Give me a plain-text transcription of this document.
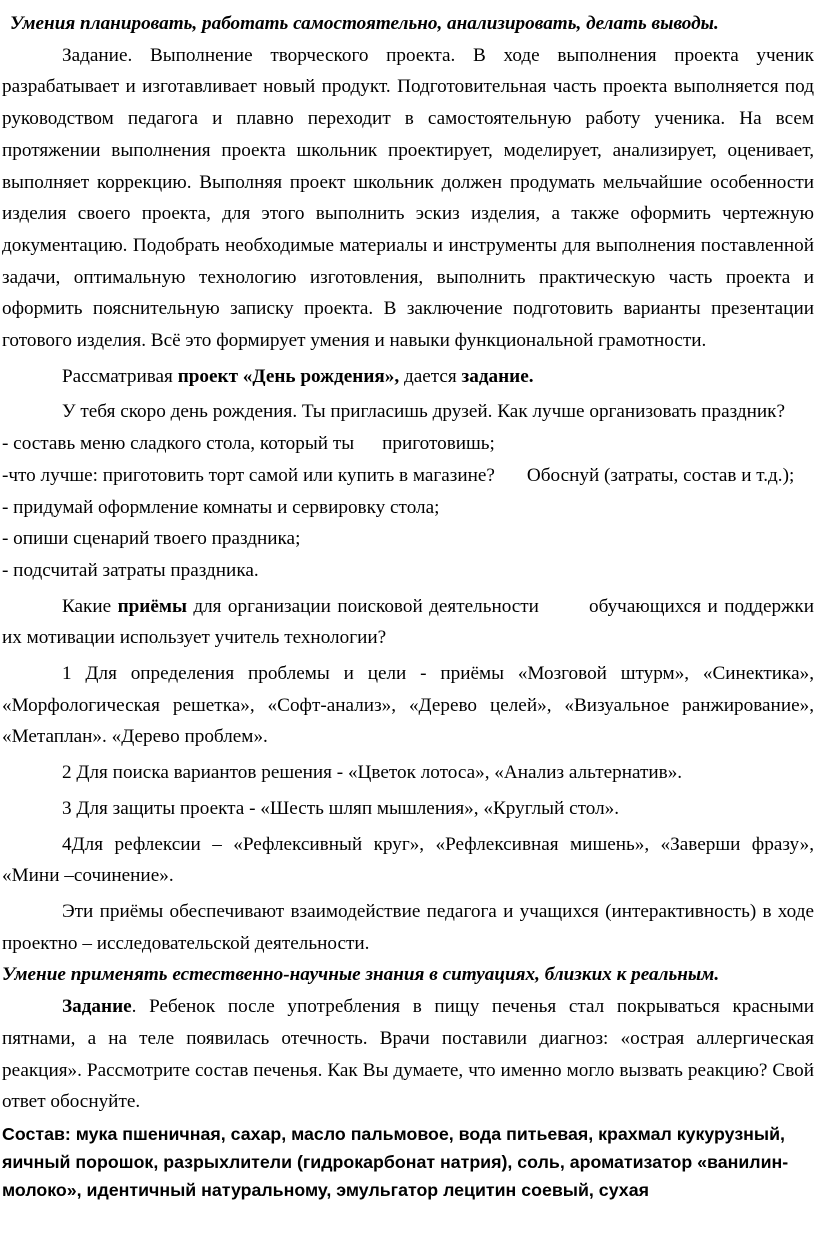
Умения планировать, работать самостоятельно, анализировать, делать выводы.

Задание. Выполнение творческого проекта. В ходе выполнения проекта ученик разрабатывает и изготавливает новый продукт. Подготовительная часть проекта выполняется под руководством педагога и плавно переходит в самостоятельную работу ученика. На всем протяжении выполнения проекта школьник проектирует, моделирует, анализирует, оценивает, выполняет коррекцию. Выполняя проект школьник должен продумать мельчайшие особенности изделия своего проекта, для этого выполнить эскиз изделия, а также оформить чертежную документацию. Подобрать необходимые материалы и инструменты для выполнения поставленной задачи, оптимальную технологию изготовления, выполнить практическую часть проекта и оформить пояснительную записку проекта. В заключение подготовить варианты презентации готового изделия. Всё это формирует умения и навыки функциональной грамотности.

Рассматривая проект «День рождения», дается задание.

У тебя скоро день рождения. Ты пригласишь друзей. Как лучше организовать праздник?

- составь меню сладкого стола, который ты приготовишь;

-что лучше: приготовить торт самой или купить в магазине? Обоснуй (затраты, состав и т.д.);

- придумай оформление комнаты и сервировку стола;

- опиши сценарий твоего праздника;

- подсчитай затраты праздника.

Какие приёмы для организации поисковой деятельности	обучающихся и поддержки их мотивации использует учитель технологии?

1 Для определения проблемы и цели - приёмы «Мозговой штурм», «Синектика», «Морфологическая решетка», «Софт-анализ», «Дерево целей», «Визуальное ранжирование», «Метаплан». «Дерево проблем».

2 Для поиска вариантов решения - «Цветок лотоса», «Анализ альтернатив».

3 Для защиты проекта - «Шесть шляп мышления», «Круглый стол».

4Для рефлексии – «Рефлексивный круг», «Рефлексивная мишень», «Заверши фразу», «Мини –сочинение».

Эти приёмы обеспечивают взаимодействие педагога и учащихся (интерактивность) в ходе проектно – исследовательской деятельности.

Умение применять естественно-научные знания в ситуациях, близких к реальным.

Задание. Ребенок после употребления в пищу печенья стал покрываться красными пятнами, а на теле появилась отечность. Врачи поставили диагноз: «острая аллергическая реакция». Рассмотрите состав печенья. Как Вы думаете, что именно могло вызвать реакцию? Свой ответ обоснуйте.

Состав: мука пшеничная, сахар, масло пальмовое, вода питьевая, крахмал кукурузный, яичный порошок, разрыхлители (гидрокарбонат натрия), соль, ароматизатор «ванилин-молоко», идентичный натуральному, эмульгатор лецитин соевый, сухая
